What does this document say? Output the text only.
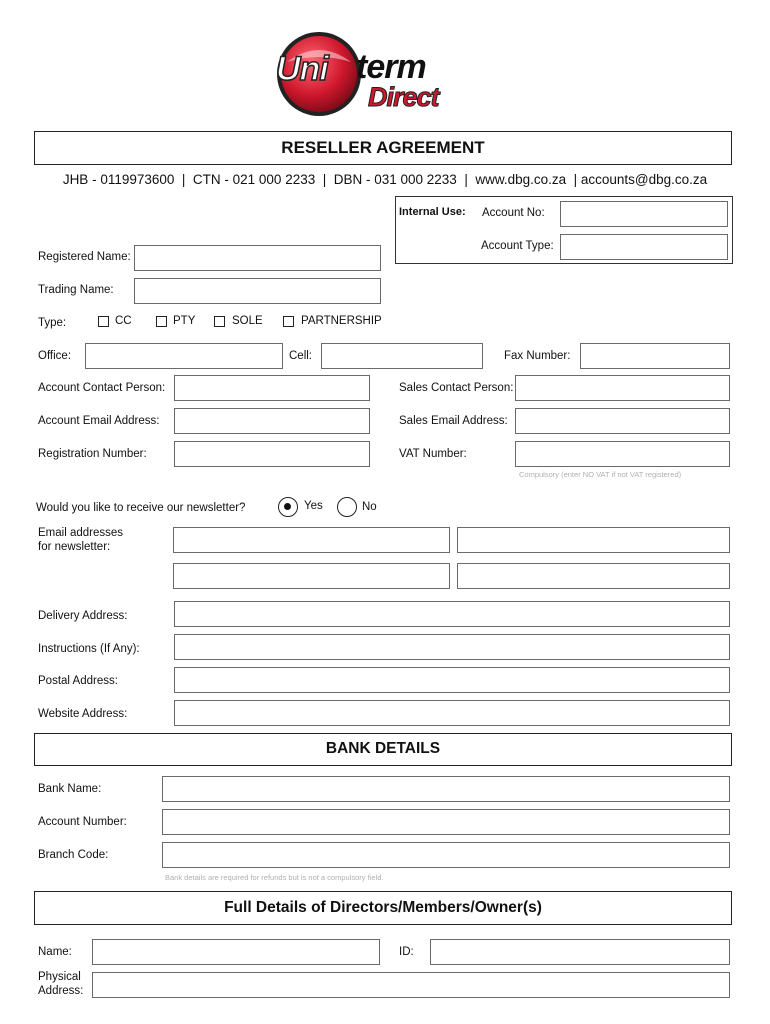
Uni term
Direct
RESELLER AGREEMENT
JHB - 0119973600  |  CTN - 021 000 2233  |  DBN - 031 000 2233  |  www.dbg.co.za  | accounts@dbg.co.za
Internal Use: Account No:
Account Type:
Registered Name:
Trading Name:
Type:	CC	PTY	SOLE	PARTNERSHIP
Office:	Cell:	Fax Number:
Account Contact Person:	Sales Contact Person:
Account Email Address:	Sales Email Address:
Registration Number:	VAT Number:
Compulsory (enter NO VAT if not VAT registered)
Would you like to receive our newsletter?	Yes	No
Email addresses
for newsletter:
Delivery Address:
Instructions (If Any):
Postal Address:
Website Address:
BANK DETAILS
Bank Name:
Account Number:
Branch Code:
Bank details are required for refunds but is not a compulsory field.
Full Details of Directors/Members/Owner(s)
Name:	ID:
Physical
Address:
